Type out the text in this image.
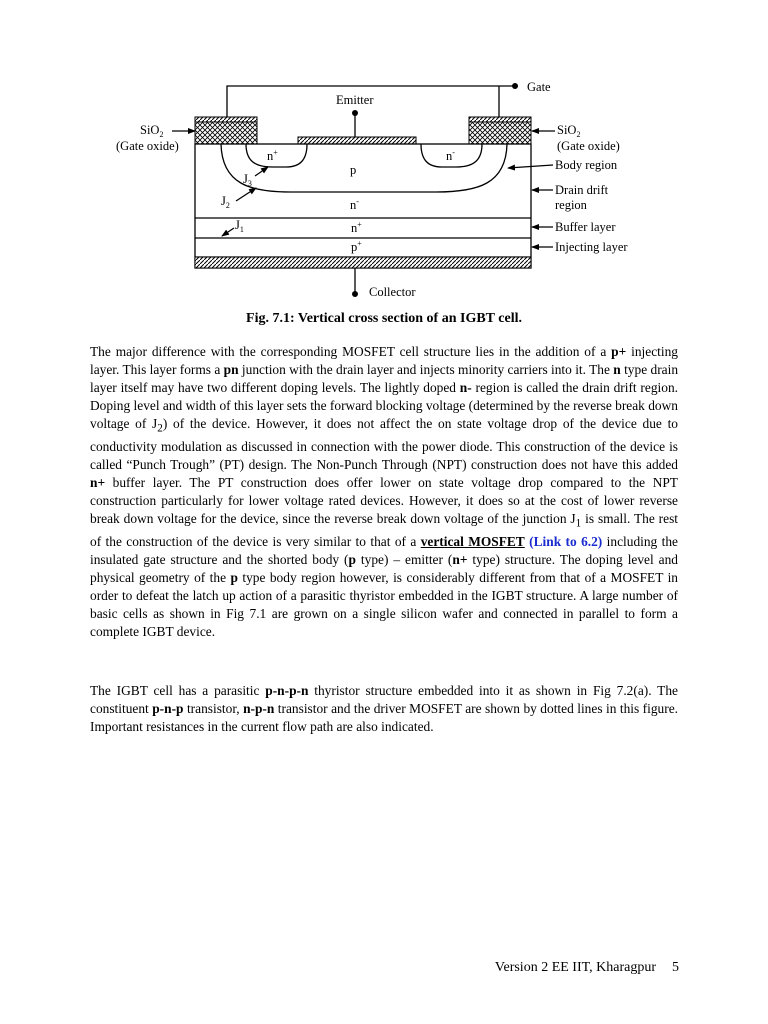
Gate
Emitter
n+	n-
p
n-
n+
p+
$J_3$
$J_2$
$J_1$
SiO$_2$
(Gate oxide)
SiO$_2$
(Gate oxide)
Body region
Drain drift
region
Buffer layer
Injecting layer
Collector

Fig. 7.1: Vertical cross section of an IGBT cell.

The major difference with the corresponding MOSFET cell structure lies in the addition of a p+ injecting layer. This layer forms a pn junction with the drain layer and injects minority carriers into it. The n type drain layer itself may have two different doping levels. The lightly doped n- region is called the drain drift region. Doping level and width of this layer sets the forward blocking voltage (determined by the reverse break down voltage of $J_2$) of the device. However, it does not affect the on state voltage drop of the device due to conductivity modulation as discussed in connection with the power diode. This construction of the device is called “Punch Trough” (PT) design. The Non-Punch Through (NPT) construction does not have this added n+ buffer layer. The PT construction does offer lower on state voltage drop compared to the NPT construction particularly for lower voltage rated devices. However, it does so at the cost of lower reverse break down voltage for the device, since the reverse break down voltage of the junction $J_1$ is small. The rest of the construction of the device is very similar to that of a vertical MOSFET (Link to 6.2) including the insulated gate structure and the shorted body (p type) – emitter (n+ type) structure. The doping level and physical geometry of the p type body region however, is considerably different from that of a MOSFET in order to defeat the latch up action of a parasitic thyristor embedded in the IGBT structure. A large number of basic cells as shown in Fig 7.1 are grown on a single silicon wafer and connected in parallel to form a complete IGBT device.

The IGBT cell has a parasitic p-n-p-n thyristor structure embedded into it as shown in Fig 7.2(a). The constituent p-n-p transistor, n-p-n transistor and the driver MOSFET are shown by dotted lines in this figure. Important resistances in the current flow path are also indicated.

Version 2 EE IIT, Kharagpur 5
